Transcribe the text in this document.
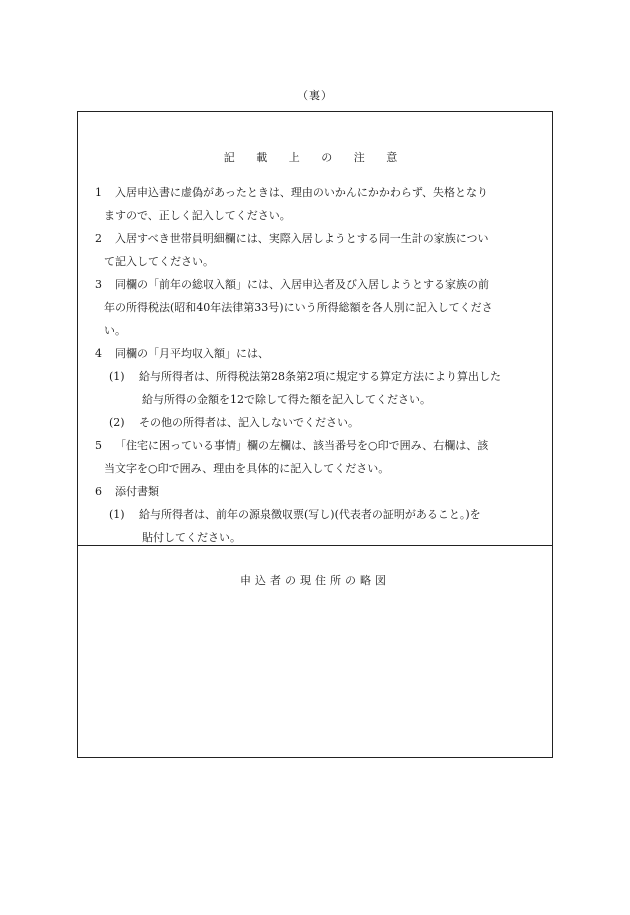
（裏）
記 載 上 の 注 意
1 入居申込書に虚偽があったときは、理由のいかんにかかわらず、失格となり
ますので、正しく記入してください。
2 入居すべき世帯員明細欄には、実際入居しようとする同一生計の家族につい
て記入してください。
3 同欄の「前年の総収入額」には、入居申込者及び入居しようとする家族の前
年の所得税法(昭和40年法律第33号)にいう所得総額を各人別に記入してくださ
い。
4 同欄の「月平均収入額」には、
(1) 給与所得者は、所得税法第28条第2項に規定する算定方法により算出した
給与所得の金額を12で除して得た額を記入してください。
(2) その他の所得者は、記入しないでください。
5 「住宅に困っている事情」欄の左欄は、該当番号を○印で囲み、右欄は、該
当文字を○印で囲み、理由を具体的に記入してください。
6 添付書類
(1) 給与所得者は、前年の源泉徴収票(写し)(代表者の証明があること。)を
貼付してください。
申込者の現住所の略図
